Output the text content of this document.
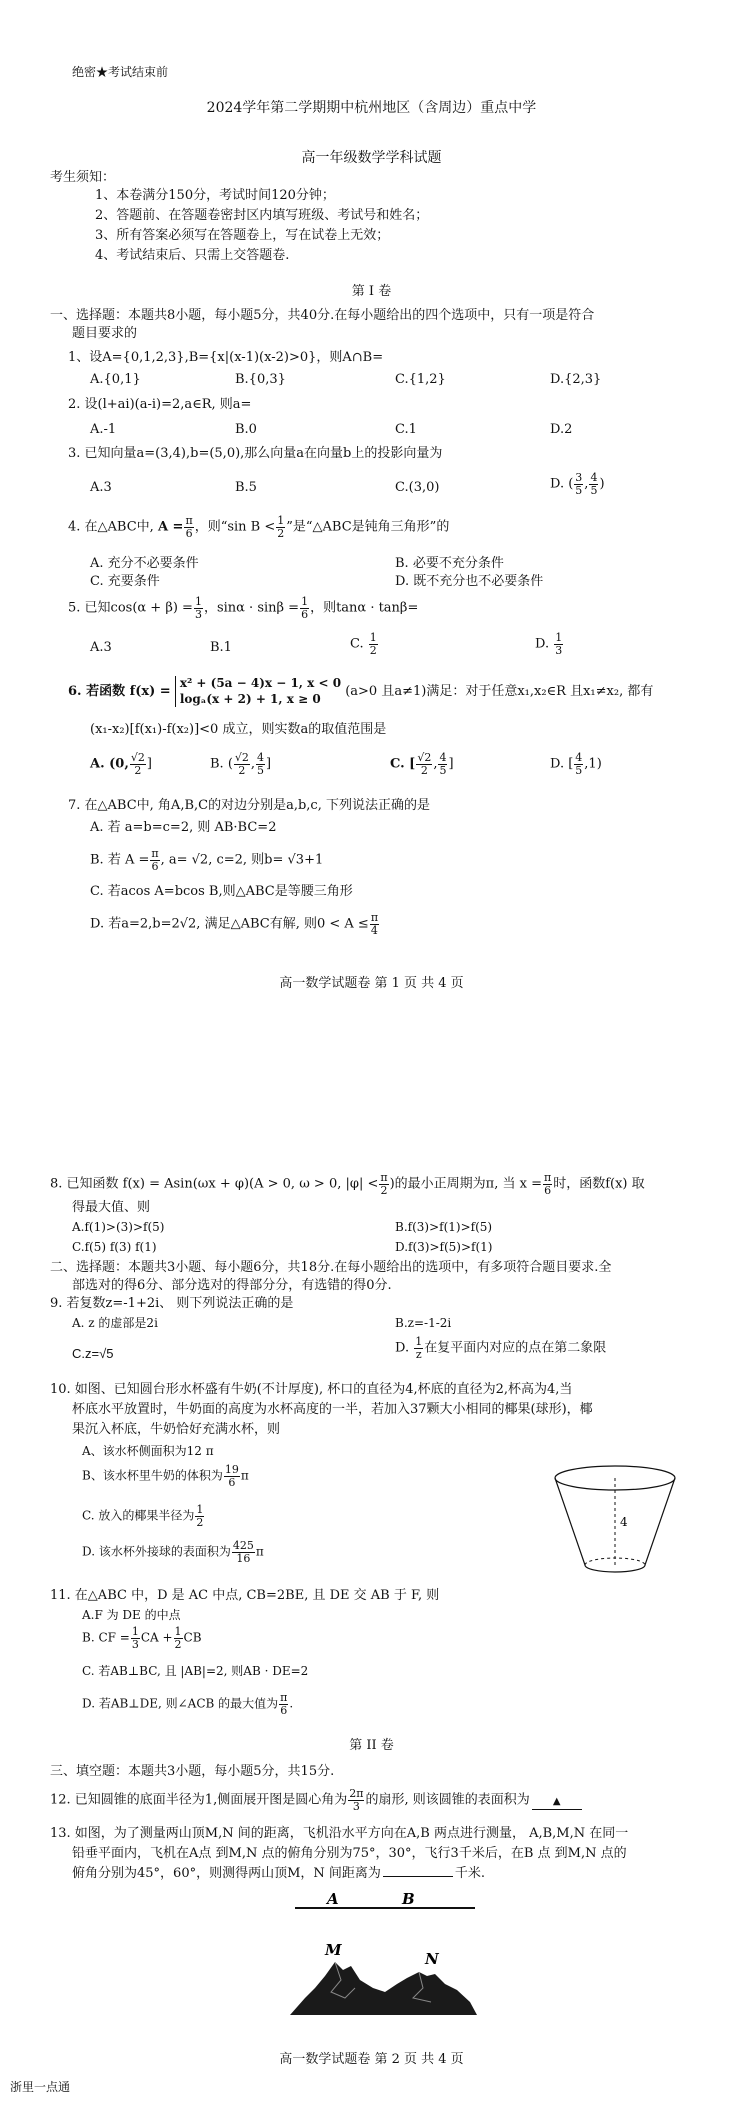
绝密★考试结束前
2024学年第二学期期中杭州地区（含周边）重点中学
高一年级数学学科试题
考生须知：
1、本卷满分150分，考试时间120分钟；
2、答题前、在答题卷密封区内填写班级、考试号和姓名；
3、所有答案必须写在答题卷上，写在试卷上无效；
4、考试结束后、只需上交答题卷.
第 I 卷
一、选择题：本题共8小题，每小题5分，共40分.在每小题给出的四个选项中，只有一项是符合
题目要求的
1、设A={0,1,2,3},B={x|(x-1)(x-2)>0}，则A∩B=
A.{0,1}	B.{0,3}	C.{1,2}	D.{2,3}
2. 设(l+ai)(a-i)=2,a∈R, 则a=
A.-1	B.0	C.1	D.2
3. 已知向量a=(3,4),b=(5,0),那么向量a在向量b上的投影向量为
A.3	B.5	C.(3,0)	D. ( $\frac{3}{5}$ , $\frac{4}{5}$ )
4. 在△ABC中, $A = \frac{\pi}{6}$ ，则“sin $B < \frac{1}{2}$ ”是“△ABC是钝角三角形”的
A. 充分不必要条件	B. 必要不充分条件
C. 充要条件	D. 既不充分也不必要条件
5. 已知$\cos(\alpha + \beta) = \frac{1}{3}$ ，$\sin\alpha \cdot \sin\beta = \frac{1}{6}$ ，则tanα · tanβ=
A.3	B.1	C. $\frac{1}{2}$	D. $\frac{1}{3}$
6. 若函数 f(x) =
x² + (5a − 4)x − 1, x < 0
logₐ(x + 2) + 1, x ≥ 0	(a>0 且a≠1)满足：对于任意x₁,x₂∈R 且x₁≠x₂, 都有
(x₁-x₂)[f(x₁)-f(x₂)]<0 成立，则实数a的取值范围是
A. (0, $\frac{√2}{2}$ ]	B. ( $\frac{√2}{2}$ , $\frac{4}{5}$ ]	C. [ $\frac{√2}{2}$ , $\frac{4}{5}$ ]	D. [ $\frac{4}{5} ,1$)
7. 在△ABC中, 角A,B,C的对边分别是a,b,c, 下列说法正确的是
A. 若 a=b=c=2, 则 AB·BC=2
B. 若 $A = \frac{\pi}{6}$ , a= √2, c=2, 则b= √3+1
C. 若acos A=bcos B,则△ABC是等腰三角形
D. 若a=2,b=2√2, 满足△ABC有解, 则$0 < A \le \frac{\pi}{4}$
高一数学试题卷 第 1 页 共 4 页
8. 已知函数 f(x) = Asin(ωx + φ)(A > 0, ω > 0, $|\varphi| < \frac{\pi}{2}$ )的最小正周期为π, 当 $x = \frac{\pi}{6}$ 时，函数f(x) 取
得最大值、则
A.f(1)>(3)>f(5)	B.f(3)>f(1)>f(5)
C.f(5) f(3) f(1)	D.f(3)>f(5)>f(1)
二、选择题：本题共3小题、每小题6分，共18分.在每小题给出的选项中，有多项符合题目要求.全
部选对的得6分、部分选对的得部分分，有选错的得0分.
9. 若复数z=-1+2i、 则下列说法正确的是
A. z 的虚部是2i	B.z=-1-2i
C.z=√5	D. $\frac{1}{z}$ 在复平面内对应的点在第二象限
10. 如图、已知圆台形水杯盛有牛奶(不计厚度), 杯口的直径为4,杯底的直径为2,杯高为4,当
杯底水平放置时，牛奶面的高度为水杯高度的一半，若加入37颗大小相同的椰果(球形)，椰
果沉入杯底，牛奶恰好充满水杯，则
A、该水杯侧面积为12 π
B、该水杯里牛奶的体积为 $\frac{19}{6}$ π
C. 放入的椰果半径为 $\frac{1}{2}$
D. 该水杯外接球的表面积为 $\frac{425}{16}$ π
4
11. 在△ABC 中，D 是 AC 中点, CB=2BE, 且 DE 交 AB 于 F, 则
A.F 为 DE 的中点
B. CF = $\frac{1}{3}$ CA + $\frac{1}{2}$ CB
C. 若AB⊥BC, 且 |AB|=2, 则AB · DE=2
D. 若AB⊥DE, 则∠ACB 的最大值为 $\frac{\pi}{6}$ .
第 II 卷
三、填空题：本题共3小题，每小题5分，共15分.
12. 已知圆锥的底面半径为1,侧面展开图是圆心角为 $\frac{2\pi}{3}$ 的扇形, 则该圆锥的表面积为 ▲
13. 如图，为了测量两山顶M,N 间的距离，飞机沿水平方向在A,B 两点进行测量， A,B,M,N 在同一
铅垂平面内，飞机在A点 到M,N 点的俯角分别为75°，30°，飞行3千米后，在B 点 到M,N 点的
俯角分别为45°，60°，则测得两山顶M，N 间距离为	千米.
A	B
M	N
高一数学试题卷 第 2 页 共 4 页
浙里一点通
